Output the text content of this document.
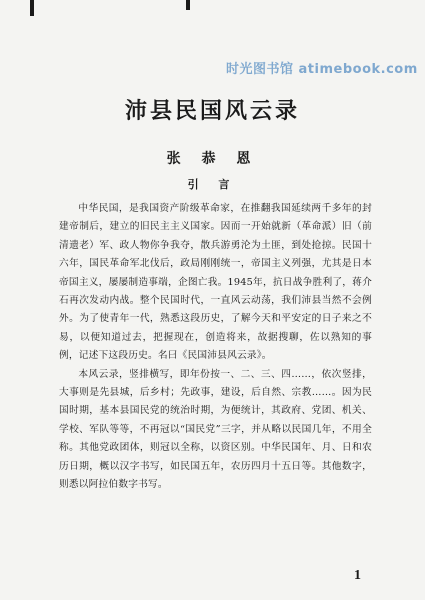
时光图书馆 atimebook.com
沛县民国风云录
张 恭 恩
引 言

中华民国，是我国资产阶级革命家，在推翻我国延续两千多年的封建帝制后，建立的旧民主主义国家。因而一开始就新（革命派）旧（前清遗老）军、政人物你争我夺，散兵游勇沦为土匪，到处抢掠。民国十六年，国民革命军北伐后，政局刚刚统一，帝国主义列强，尤其是日本帝国主义，屡屡制造事端，企图亡我。1945年，抗日战争胜利了，蒋介石再次发动内战。整个民国时代，一直风云动荡，我们沛县当然不会例外。为了使青年一代，熟悉这段历史，了解今天和平安定的日子来之不易，以便知道过去，把握现在，创造将来，故据搜聊，佐以熟知的事例，记述下这段历史。名曰《民国沛县风云录》。

本风云录，竖排横写，即年份按一、二、三、四……，依次竖排，大事则是先县城，后乡村；先政事，建设，后自然、宗教……。因为民国时期，基本县国民党的统治时期，为便统计，其政府、党团、机关、学校、军队等等，不再冠以“国民党”三字，并从略以民国几年，不用全称。其他党政团体，则冠以全称，以资区别。中华民国年、月、日和农历日期，概以汉字书写，如民国五年，农历四月十五日等。其他数字，则悉以阿拉伯数字书写。

1
